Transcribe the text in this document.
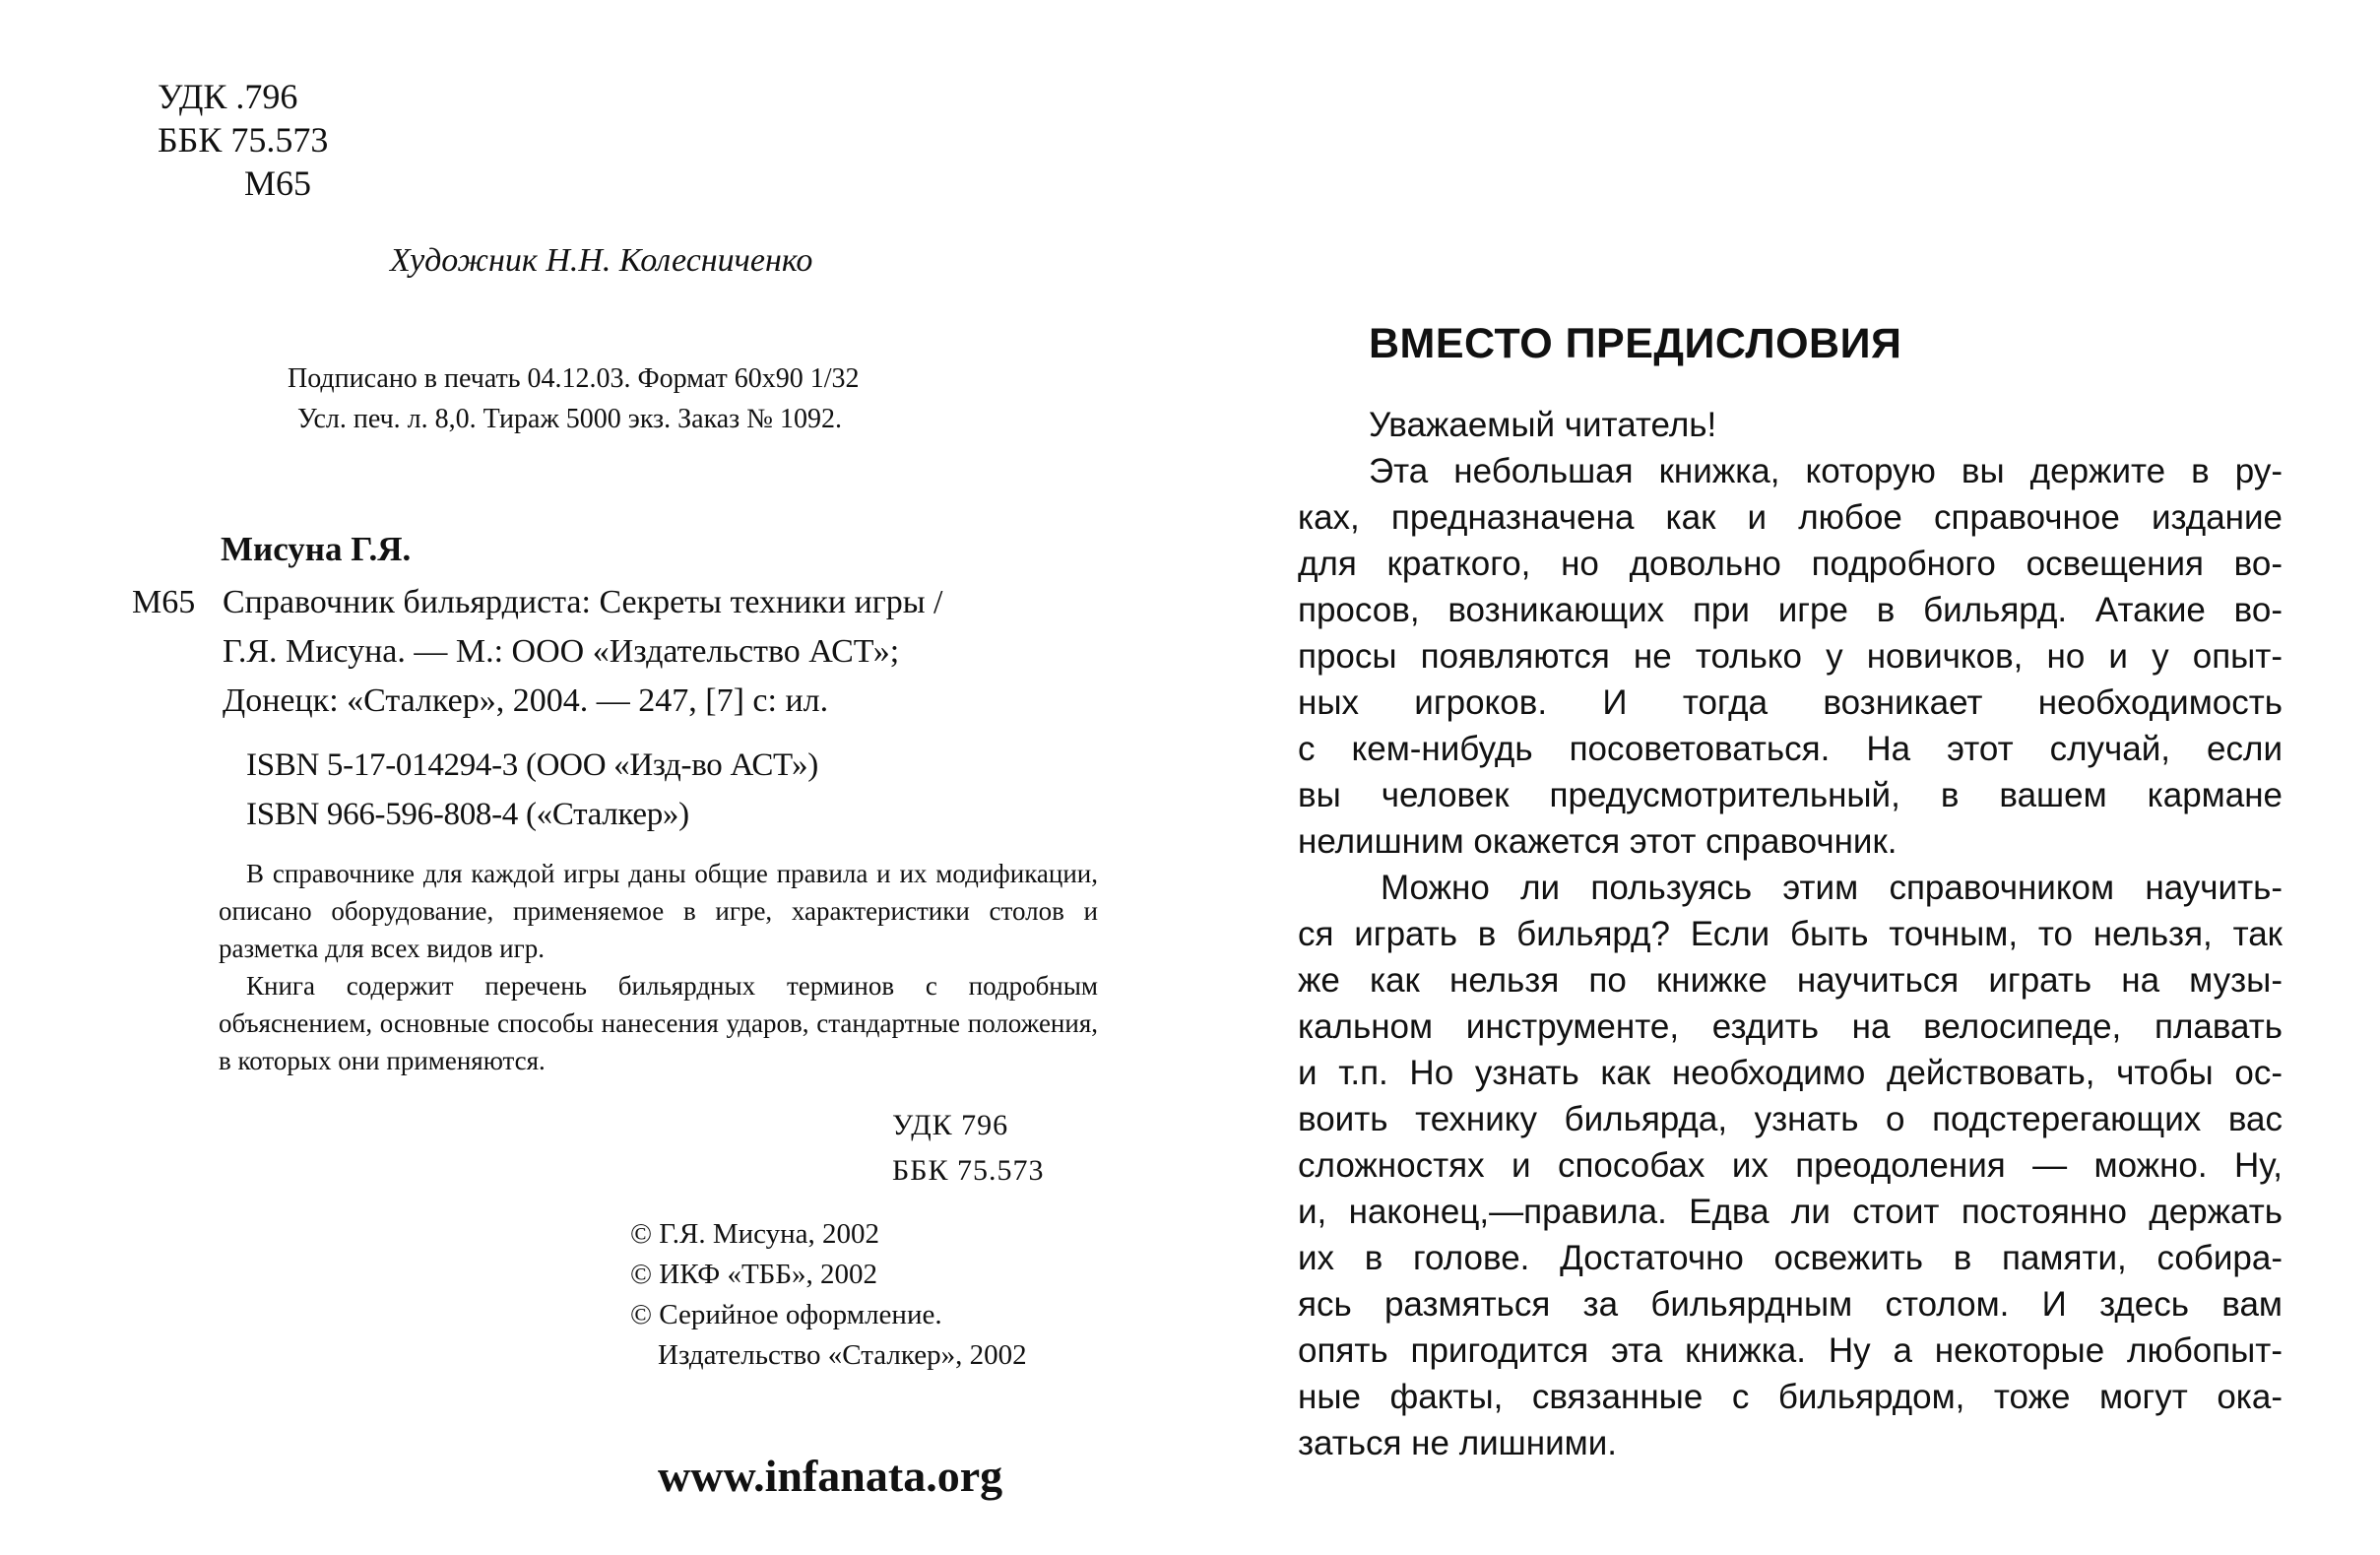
УДК .796
ББК 75.573
М65
Художник Н.Н. Колесниченко
Подписано в печать 04.12.03. Формат 60x90 1/32
Усл. печ. л. 8,0. Тираж 5000 экз. Заказ № 1092.
Мисуна Г.Я.
М65 Справочник бильярдиста: Секреты техники игры /
Г.Я. Мисуна. — М.: ООО «Издательство АСТ»;
Донецк: «Сталкер», 2004. — 247, [7] с: ил.
ISBN 5-17-014294-3 (ООО «Изд-во АСТ»)
ISBN 966-596-808-4 («Сталкер»)

В справочнике для каждой игры даны общие правила и их модификации, описано оборудование, применяемое в игре, характеристики столов и разметка для всех видов игр.

Книга содержит перечень бильярдных терминов с подробным объяснением, основные способы нанесения ударов, стандартные положения, в которых они применяются.

УДК 796
ББК 75.573
© Г.Я. Мисуна, 2002
© ИКФ «ТББ», 2002
© Серийное оформление.
Издательство «Сталкер», 2002
www.infanata.org
ВМЕСТО ПРЕДИСЛОВИЯ
Уважаемый читатель!
Эта небольшая книжка, которую вы держите в ру-
ках, предназначена как и любое справочное издание
для краткого, но довольно подробного освещения во-
просов, возникающих при игре в бильярд. Атакие во-
просы появляются не только у новичков, но и у опыт-
ных игроков. И тогда возникает необходимость
с кем-нибудь посоветоваться. На этот случай, если
вы человек предусмотрительный, в вашем кармане
нелишним окажется этот справочник.
Можно ли пользуясь этим справочником научить-
ся играть в бильярд? Если быть точным, то нельзя, так
же как нельзя по книжке научиться играть на музы-
кальном инструменте, ездить на велосипеде, плавать
и т.п. Но узнать как необходимо действовать, чтобы ос-
воить технику бильярда, узнать о подстерегающих вас
сложностях и способах их преодоления — можно. Ну,
и, наконец,—правила. Едва ли стоит постоянно держать
их в голове. Достаточно освежить в памяти, собира-
ясь размяться за бильярдным столом. И здесь вам
опять пригодится эта книжка. Ну а некоторые любопыт-
ные факты, связанные с бильярдом, тоже могут ока-
заться не лишними.
